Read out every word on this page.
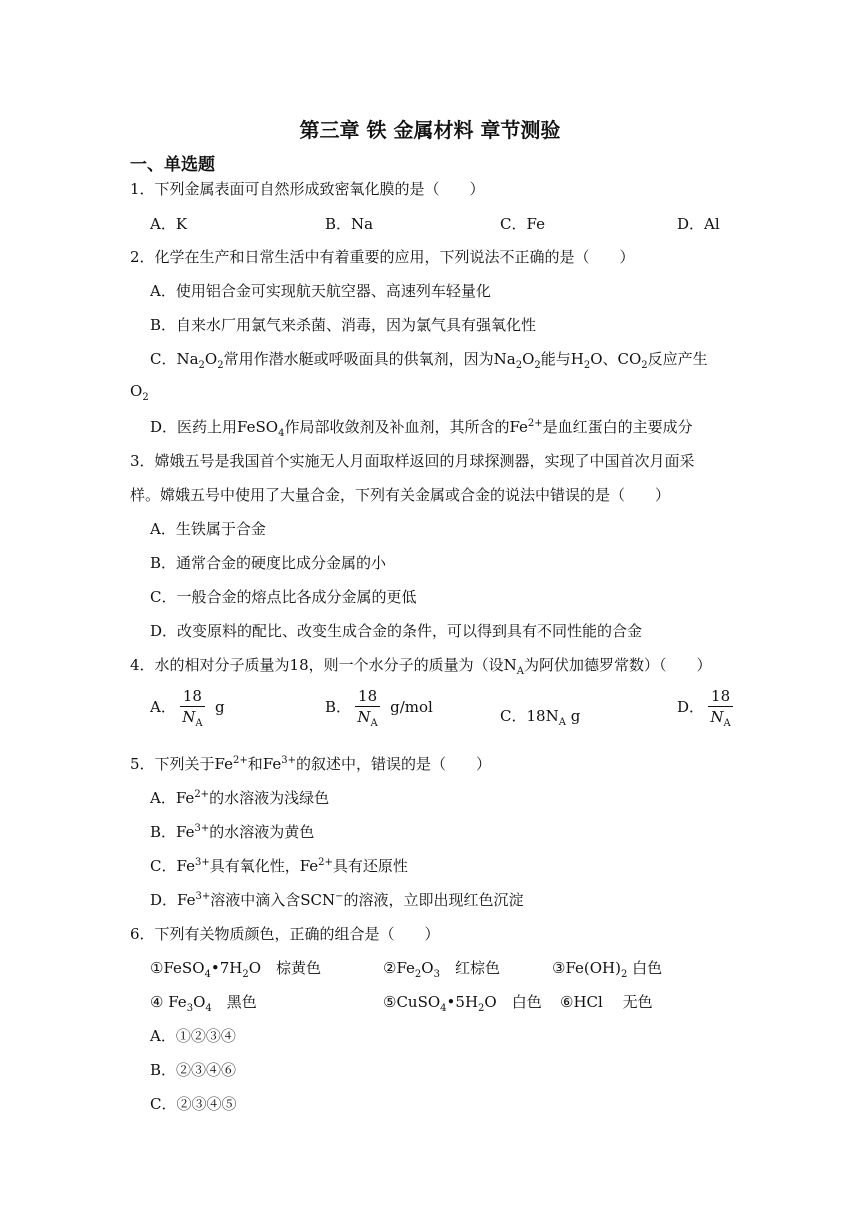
第三章 铁 金属材料 章节测验
一、单选题
1．下列金属表面可自然形成致密氧化膜的是（　　）
A．K	B．Na	C．Fe	D．Al
2．化学在生产和日常生活中有着重要的应用，下列说法不正确的是（　　）
A．使用铝合金可实现航天航空器、高速列车轻量化
B．自来水厂用氯气来杀菌、消毒，因为氯气具有强氧化性
C．$Na_2O_2$常用作潜水艇或呼吸面具的供氧剂，因为$Na_2O_2$能与$H_2O$、$CO_2$反应产生
$O_2$
D．医药上用FeSO$_4$作局部收敛剂及补血剂，其所含的$Fe^{2+}$是血红蛋白的主要成分
3．嫦娥五号是我国首个实施无人月面取样返回的月球探测器，实现了中国首次月面采
样。嫦娥五号中使用了大量合金，下列有关金属或合金的说法中错误的是（　　）
A．生铁属于合金
B．通常合金的硬度比成分金属的小
C．一般合金的熔点比各成分金属的更低
D．改变原料的配比、改变生成合金的条件，可以得到具有不同性能的合金
4．水的相对分子质量为18，则一个水分子的质量为（设$N_A$为阿伏加德罗常数）（　　）
A． $\frac{18}{N_A}$ g	B． $\frac{18}{N_A} g/mol$
C．$18N_A$ g	D． $\frac{18}{N_A}$
5．下列关于$Fe^{2+}$和$Fe^{3+}$的叙述中，错误的是（　　）
A．$Fe^{2+}$的水溶液为浅绿色
B．$Fe^{3+}$的水溶液为黄色
C．$Fe^{3+}$具有氧化性，$Fe^{2+}$具有还原性
D．$Fe^{3+}$溶液中滴入含SCN−的溶液，立即出现红色沉淀
6．下列有关物质颜色，正确的组合是（　　）
$①FeSO_4•7H_2O$　棕黄色	$②Fe_2O_3$　红棕色	$③Fe(OH)_2$ 白色
④ $Fe_3O_4$　黑色	$⑤CuSO_4•5H_2O$　白色 ⑥HCl　 无色
A．①②③④
B．②③④⑥
C．②③④⑤
